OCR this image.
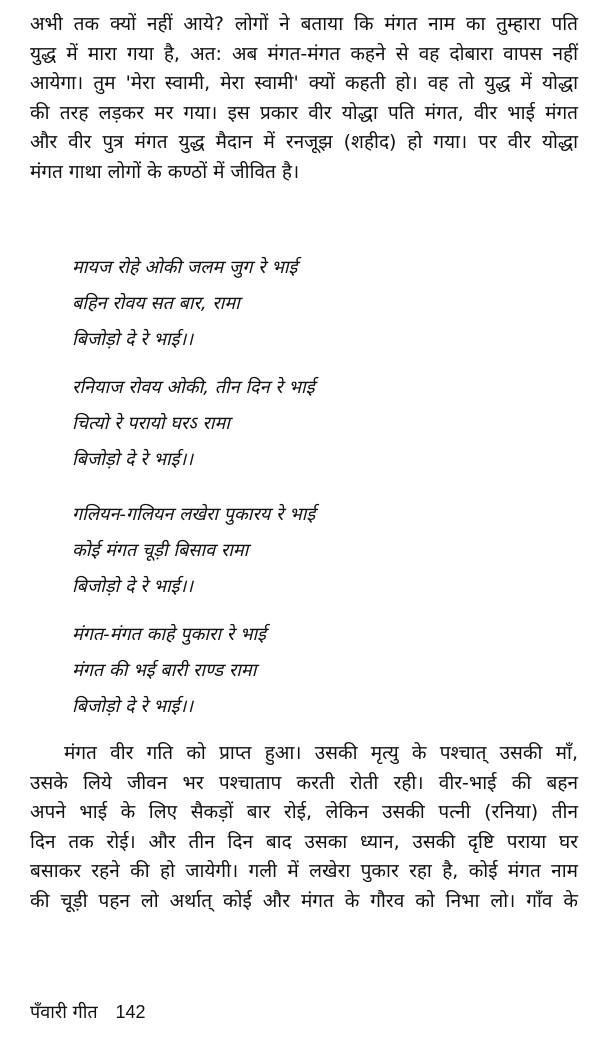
अभी तक क्यों नहीं आये? लोगों ने बताया कि मंगत नाम का तुम्हारा पति
युद्ध में मारा गया है, अत: अब मंगत-मंगत कहने से वह दोबारा वापस नहीं
आयेगा। तुम 'मेरा स्वामी, मेरा स्वामी' क्यों कहती हो। वह तो युद्ध में योद्धा
की तरह लड़कर मर गया। इस प्रकार वीर योद्धा पति मंगत, वीर भाई मंगत
और वीर पुत्र मंगत युद्ध मैदान में रनजूझ (शहीद) हो गया। पर वीर योद्धा
मंगत गाथा लोगों के कण्ठों में जीवित है।

मायज रोहे ओकी जलम जुग रे भाई
बहिन रोवय सत बार, रामा
बिजोड़ो दे रे भाई।।

रनियाज रोवय ओकी, तीन दिन रे भाई
चित्यो रे परायो घरऽ रामा
बिजोड़ो दे रे भाई।।

गलियन-गलियन लखेरा पुकारय रे भाई
कोई मंगत चूड़ी बिसाव रामा
बिजोड़ो दे रे भाई।।

मंगत-मंगत काहे पुकारा रे भाई
मंगत की भई बारी राण्ड रामा
बिजोड़ो दे रे भाई।।

मंगत वीर गति को प्राप्त हुआ। उसकी मृत्यु के पश्चात् उसकी माँ,
उसके लिये जीवन भर पश्चाताप करती रोती रही। वीर-भाई की बहन
अपने भाई के लिए सैकड़ों बार रोई, लेकिन उसकी पत्नी (रनिया) तीन
दिन तक रोई। और तीन दिन बाद उसका ध्यान, उसकी दृष्टि पराया घर
बसाकर रहने की हो जायेगी। गली में लखेरा पुकार रहा है, कोई मंगत नाम
की चूड़ी पहन लो अर्थात् कोई और मंगत के गौरव को निभा लो। गाँव के

पँवारी गीत 142
